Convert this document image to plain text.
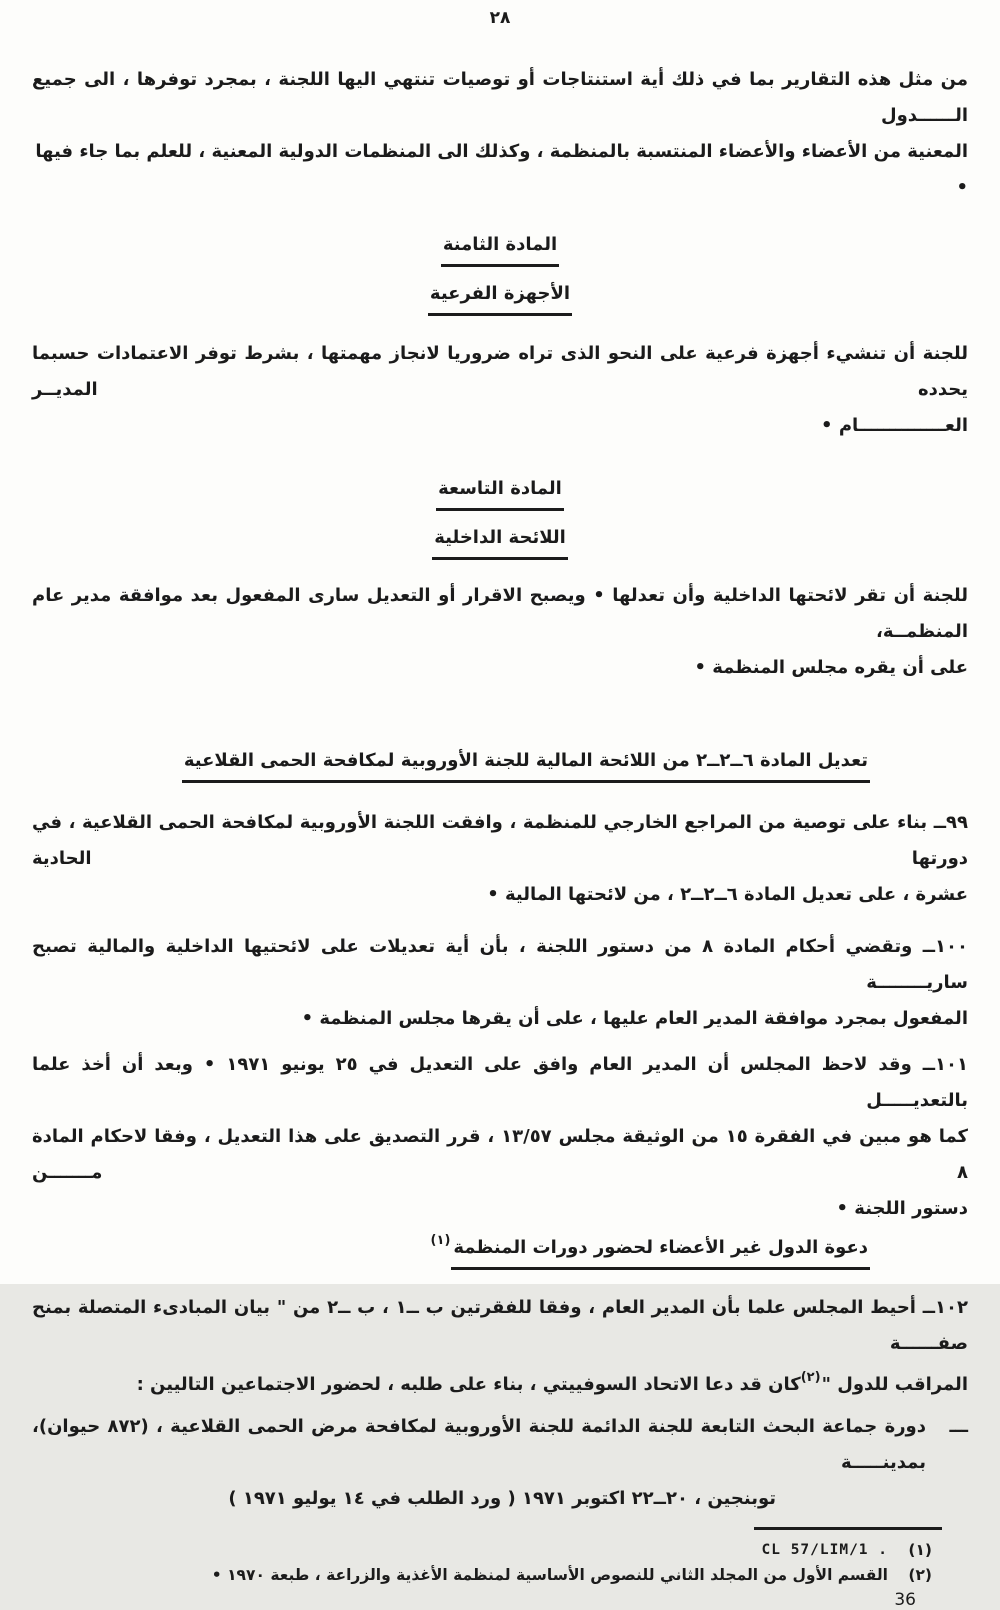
٢٨
من مثل هذه التقارير بما في ذلك أية استنتاجات أو توصيات تنتهي اليها اللجنة ، بمجرد توفرها ، الى جميع الــــــدول
المعنية من الأعضاء والأعضاء المنتسبة بالمنظمة ، وكذلك الى المنظمات الدولية المعنية ، للعلم بما جاء فيها •
المادة الثامنة
الأجهزة الفرعية
للجنة أن تنشيء أجهزة فرعية على النحو الذى تراه ضروريا لانجاز مهمتها ، بشرط توفر الاعتمادات حسبما يحدده المديــر
العــــــــــــــام •
المادة التاسعة
اللائحة الداخلية
للجنة أن تقر لائحتها الداخلية وأن تعدلها • ويصبح الاقرار أو التعديل سارى المفعول بعد موافقة مدير عام المنظمــة،
على أن يقره مجلس المنظمة •
تعديل المادة ٦ــ٢ــ٢ من اللائحة المالية للجنة الأوروبية لمكافحة الحمى القلاعية
٩٩ــ بناء على توصية من المراجع الخارجي للمنظمة ، وافقت اللجنة الأوروبية لمكافحة الحمى القلاعية ، في دورتها الحادية
عشرة ، على تعديل المادة ٦ــ٢ــ٢ ، من لائحتها المالية •
١٠٠ــ وتقضي أحكام المادة ٨ من دستور اللجنة ، بأن أية تعديلات على لائحتيها الداخلية والمالية تصبح ساريــــــــة
المفعول بمجرد موافقة المدير العام عليها ، على أن يقرها مجلس المنظمة •
١٠١ــ وقد لاحظ المجلس أن المدير العام وافق على التعديل في ٢٥ يونيو ١٩٧١ • وبعد أن أخذ علما بالتعديـــــل
كما هو مبين في الفقرة ١٥ من الوثيقة مجلس ١٣/٥٧ ، قرر التصديق على هذا التعديل ، وفقا لاحكام المادة ٨ مـــــــن
دستور اللجنة •
دعوة الدول غير الأعضاء لحضور دورات المنظمة$^{(١)}$
١٠٢ــ أحيط المجلس علما بأن المدير العام ، وفقا للفقرتين ب ــ١ ، ب ــ٢ من " بيان المبادىء المتصلة بمنح صفــــــة
المراقب للدول "$^{(٢)}$كان قد دعا الاتحاد السوفييتي ، بناء على طلبه ، لحضور الاجتماعين التاليين :
ـــ
دورة جماعة البحث التابعة للجنة الدائمة للجنة الأوروبية لمكافحة مرض الحمى القلاعية ، (٨٧٢ حيوان)، بمدينـــــة
توبنجين ، ٢٠ــ٢٢ اكتوبر ١٩٧١ ( ورد الطلب في ١٤ يوليو ١٩٧١ )
(١)
CL 57/LIM/1 .
(٢)
القسم الأول من المجلد الثاني للنصوص الأساسية لمنظمة الأغذية والزراعة ، طبعة ١٩٧٠ •
36
